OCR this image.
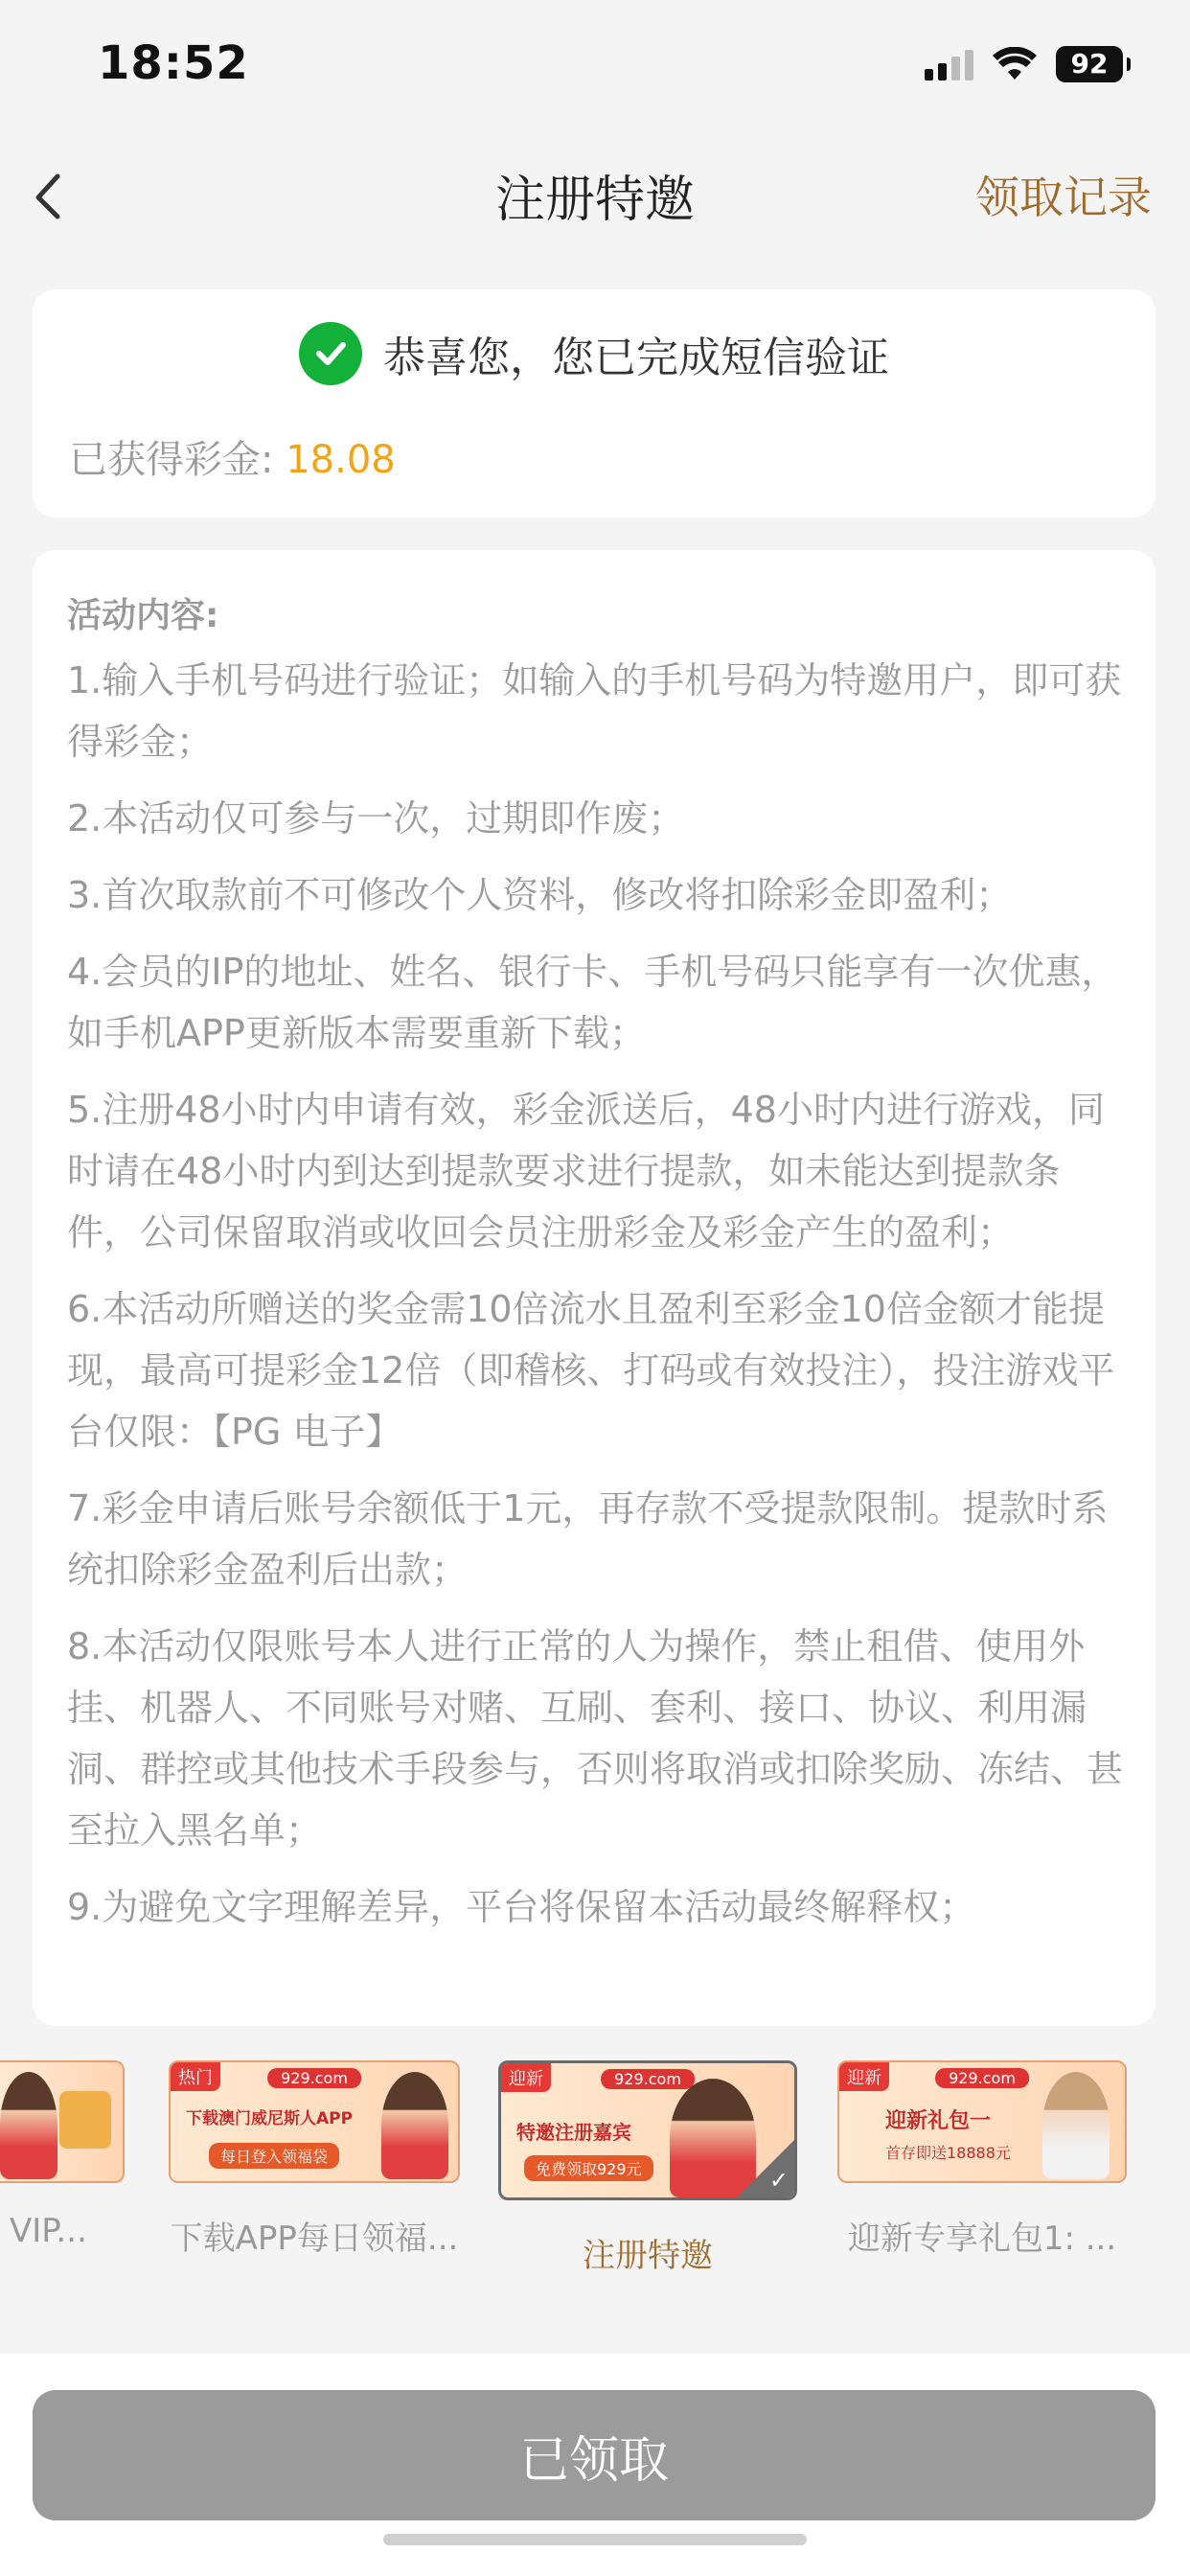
18:52	92
注册特邀	领取记录
恭喜您，您已完成短信验证
已获得彩金: 18.08
活动内容:
1.输入手机号码进行验证；如输入的手机号码为特邀用户，即可获得彩金；
2.本活动仅可参与一次，过期即作废；
3.首次取款前不可修改个人资料，修改将扣除彩金即盈利；
4.会员的IP的地址、姓名、银行卡、手机号码只能享有一次优惠，如手机APP更新版本需要重新下载；
5.注册48小时内申请有效，彩金派送后，48小时内进行游戏，同时请在48小时内到达到提款要求进行提款，如未能达到提款条件，公司保留取消或收回会员注册彩金及彩金产生的盈利；
6.本活动所赠送的奖金需10倍流水且盈利至彩金10倍金额才能提现，最高可提彩金12倍（即稽核、打码或有效投注），投注游戏平台仅限：【PG 电子】
7.彩金申请后账号余额低于1元，再存款不受提款限制。提款时系统扣除彩金盈利后出款；
8.本活动仅限账号本人进行正常的人为操作，禁止租借、使用外挂、机器人、不同账号对赌、互刷、套利、接口、协议、利用漏洞、群控或其他技术手段参与，否则将取消或扣除奖励、冻结、甚至拉入黑名单；
9.为避免文字理解差异，平台将保留本活动最终解释权；
VIP...
热门	929.com
下载澳门威尼斯人APP
每日登入领福袋
下载APP每日领福...
迎新	929.com
特邀注册嘉宾
免费领取929元	✓
注册特邀
迎新	929.com
迎新礼包一
首存即送18888元
迎新专享礼包1: ...
已领取
